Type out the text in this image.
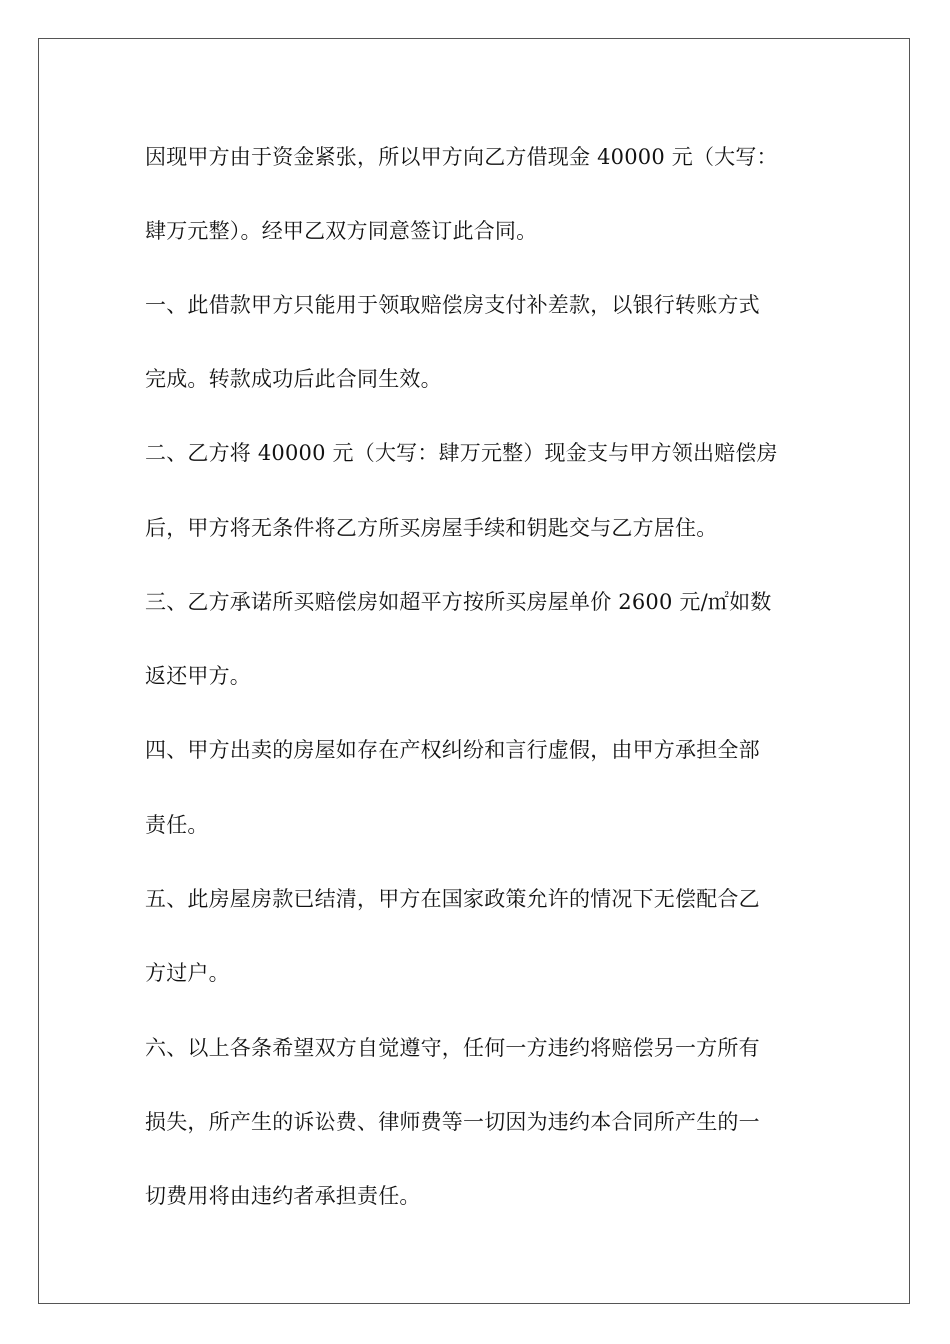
因现甲方由于资金紧张，所以甲方向乙方借现金 40000 元（大写：
肆万元整）。经甲乙双方同意签订此合同。
一、此借款甲方只能用于领取赔偿房支付补差款，以银行转账方式
完成。转款成功后此合同生效。
二、乙方将 40000 元（大写：肆万元整）现金支与甲方领出赔偿房
后，甲方将无条件将乙方所买房屋手续和钥匙交与乙方居住。
三、乙方承诺所买赔偿房如超平方按所买房屋单价 2600 元/㎡如数
返还甲方。
四、甲方出卖的房屋如存在产权纠纷和言行虚假，由甲方承担全部
责任。
五、此房屋房款已结清，甲方在国家政策允许的情况下无偿配合乙
方过户。
六、以上各条希望双方自觉遵守，任何一方违约将赔偿另一方所有
损失，所产生的诉讼费、律师费等一切因为违约本合同所产生的一
切费用将由违约者承担责任。
